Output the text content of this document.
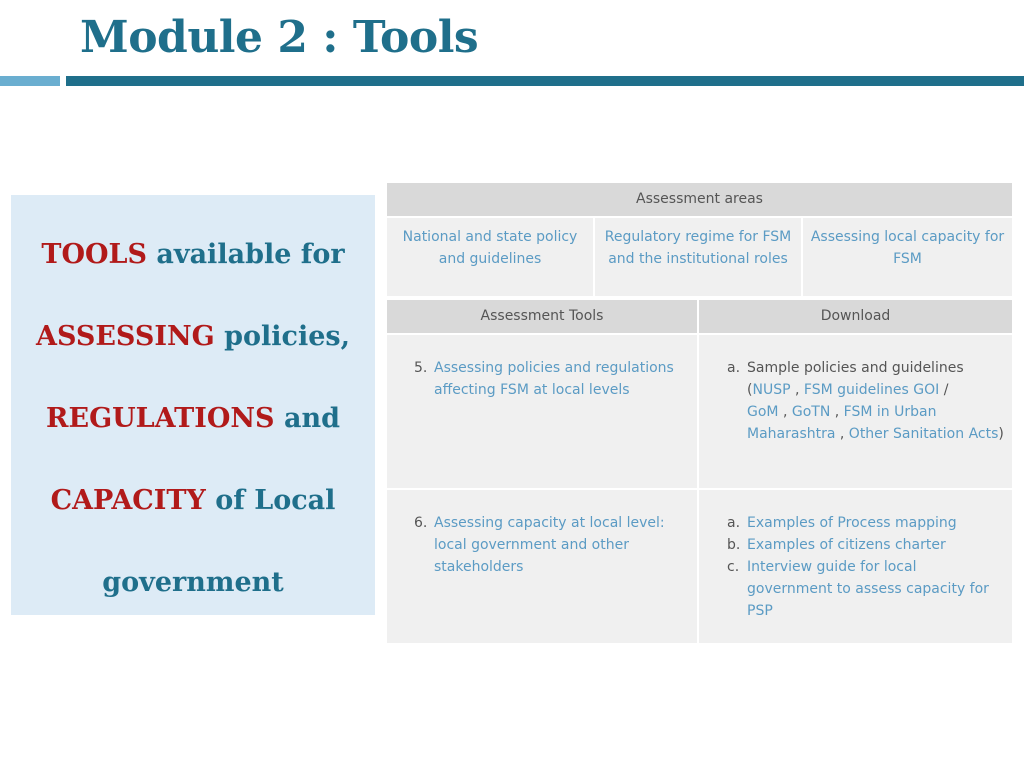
Module 2 : Tools
TOOLS available for
ASSESSING policies,
REGULATIONS and
CAPACITY of Local
government
Assessment areas
National and state policy and guidelines
Regulatory regime for FSM and the institutional roles
Assessing local capacity for FSM
Assessment Tools	Download
5. Assessing policies and regulations affecting FSM at local levels
a. Sample policies and guidelines
(NUSP , FSM guidelines GOI /
GoM , GoTN , FSM in Urban Maharashtra , Other Sanitation Acts)
6. Assessing capacity at local level: local government and other stakeholders
a. Examples of Process mapping
b. Examples of citizens charter
c. Interview guide for local government to assess capacity for PSP
